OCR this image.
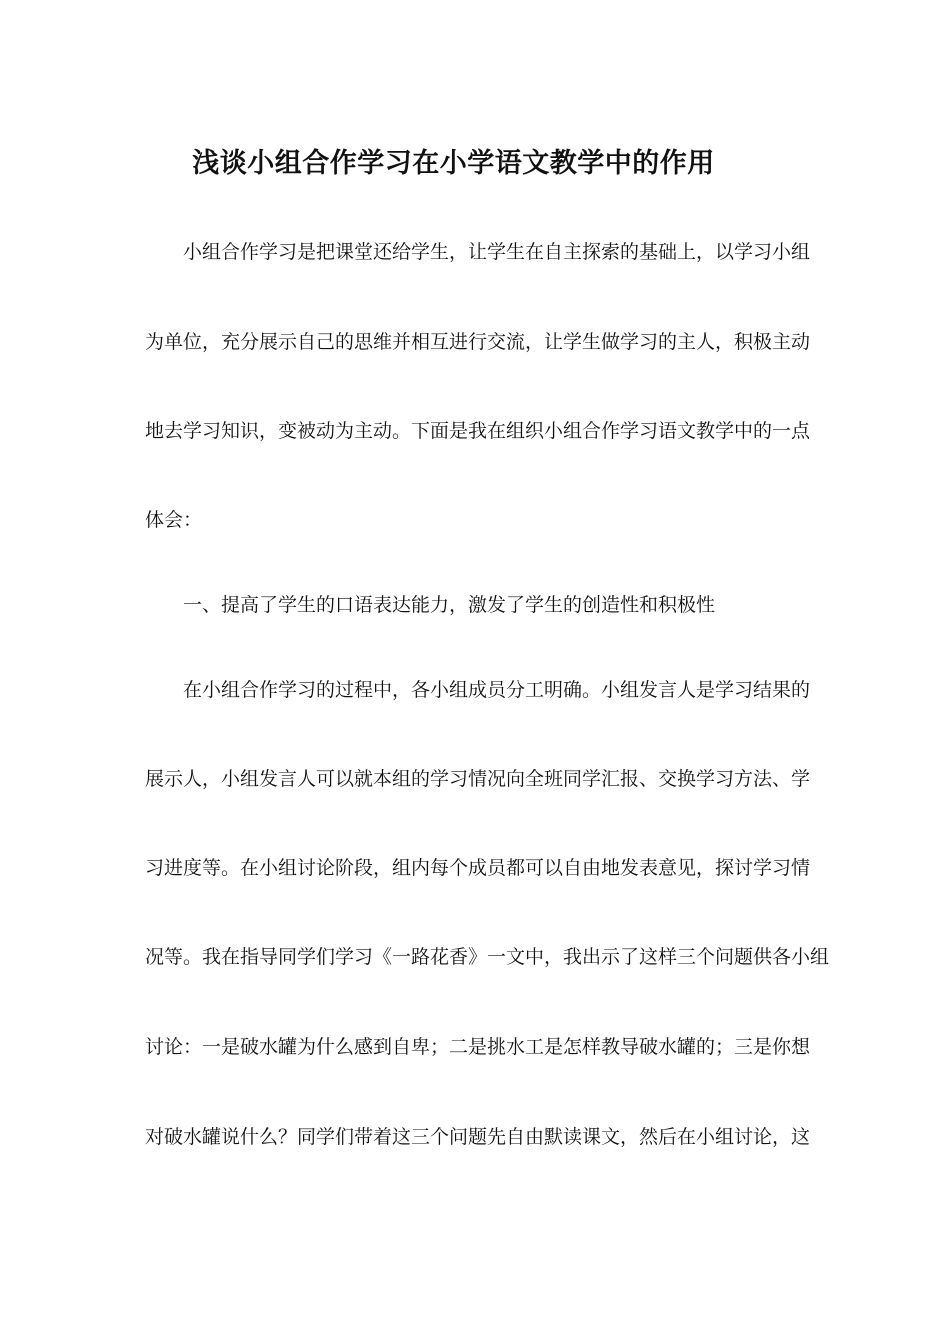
浅谈小组合作学习在小学语文教学中的作用
小组合作学习是把课堂还给学生，让学生在自主探索的基础上，以学习小组
为单位，充分展示自己的思维并相互进行交流，让学生做学习的主人，积极主动
地去学习知识，变被动为主动。下面是我在组织小组合作学习语文教学中的一点
体会：
一、提高了学生的口语表达能力，激发了学生的创造性和积极性
在小组合作学习的过程中，各小组成员分工明确。小组发言人是学习结果的
展示人，小组发言人可以就本组的学习情况向全班同学汇报、交换学习方法、学
习进度等。在小组讨论阶段，组内每个成员都可以自由地发表意见，探讨学习情
况等。我在指导同学们学习《一路花香》一文中，我出示了这样三个问题供各小组
讨论：一是破水罐为什么感到自卑；二是挑水工是怎样教导破水罐的；三是你想
对破水罐说什么？同学们带着这三个问题先自由默读课文，然后在小组讨论，这
